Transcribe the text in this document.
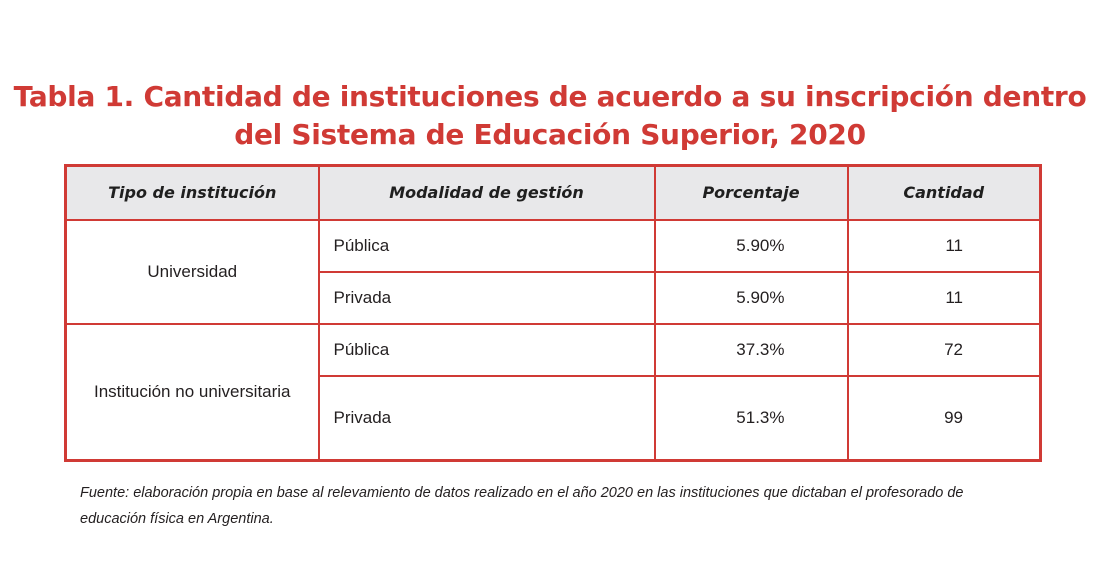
Tabla 1. Cantidad de instituciones de acuerdo a su inscripción dentro
del Sistema de Educación Superior, 2020
Tipo de institución	Modalidad de gestión	Porcentaje	Cantidad
Universidad	Pública	5.90%	11
	Privada	5.90%	11
Institución no universitaria	Pública	37.3%	72
	Privada	51.3%	99
Fuente: elaboración propia en base al relevamiento de datos realizado en el año 2020 en las instituciones que dictaban el profesorado de
educación física en Argentina.
